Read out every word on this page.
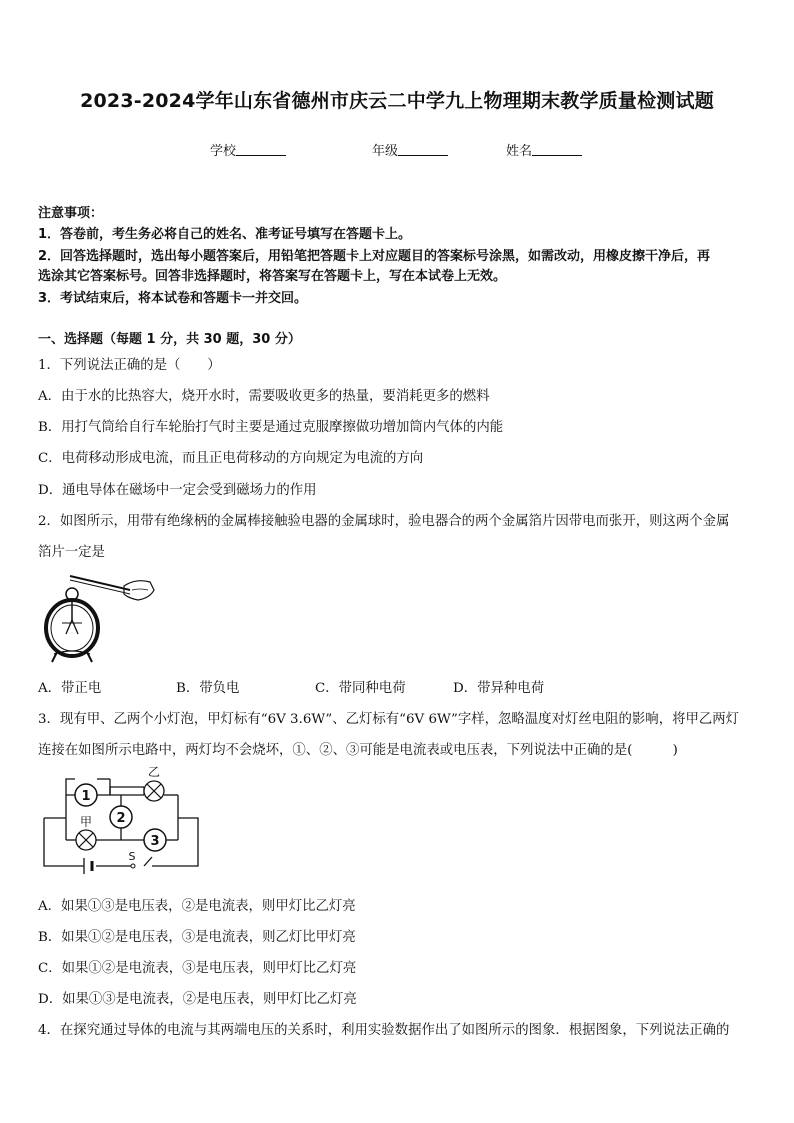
2023-2024学年山东省德州市庆云二中学九上物理期末教学质量检测试题
学校	年级	姓名
注意事项：
1．答卷前，考生务必将自己的姓名、准考证号填写在答题卡上。
2．回答选择题时，选出每小题答案后，用铅笔把答题卡上对应题目的答案标号涂黑，如需改动，用橡皮擦干净后，再
选涂其它答案标号。回答非选择题时，将答案写在答题卡上，写在本试卷上无效。
3．考试结束后，将本试卷和答题卡一并交回。
一、选择题（每题 1 分，共 30 题，30 分）
1．下列说法正确的是（　　）
A．由于水的比热容大，烧开水时，需要吸收更多的热量，要消耗更多的燃料
B．用打气筒给自行车轮胎打气时主要是通过克服摩擦做功增加筒内气体的内能
C．电荷移动形成电流，而且正电荷移动的方向规定为电流的方向
D．通电导体在磁场中一定会受到磁场力的作用
2．如图所示，用带有绝缘柄的金属棒接触验电器的金属球时，验电器合的两个金属箔片因带电而张开，则这两个金属
箔片一定是
A．带正电	B．带负电	C．带同种电荷	D．带异种电荷
3．现有甲、乙两个小灯泡，甲灯标有“6V 3.6W”、乙灯标有“6V 6W”字样，忽略温度对灯丝电阻的影响，将甲乙两灯
连接在如图所示电路中，两灯均不会烧坏，①、②、③可能是电流表或电压表，下列说法中正确的是(　　　)
1
乙
2
甲
3
S
A．如果①③是电压表，②是电流表，则甲灯比乙灯亮
B．如果①②是电压表，③是电流表，则乙灯比甲灯亮
C．如果①②是电流表，③是电压表，则甲灯比乙灯亮
D．如果①③是电流表，②是电压表，则甲灯比乙灯亮
4．在探究通过导体的电流与其两端电压的关系时，利用实验数据作出了如图所示的图象．根据图象，下列说法正确的
